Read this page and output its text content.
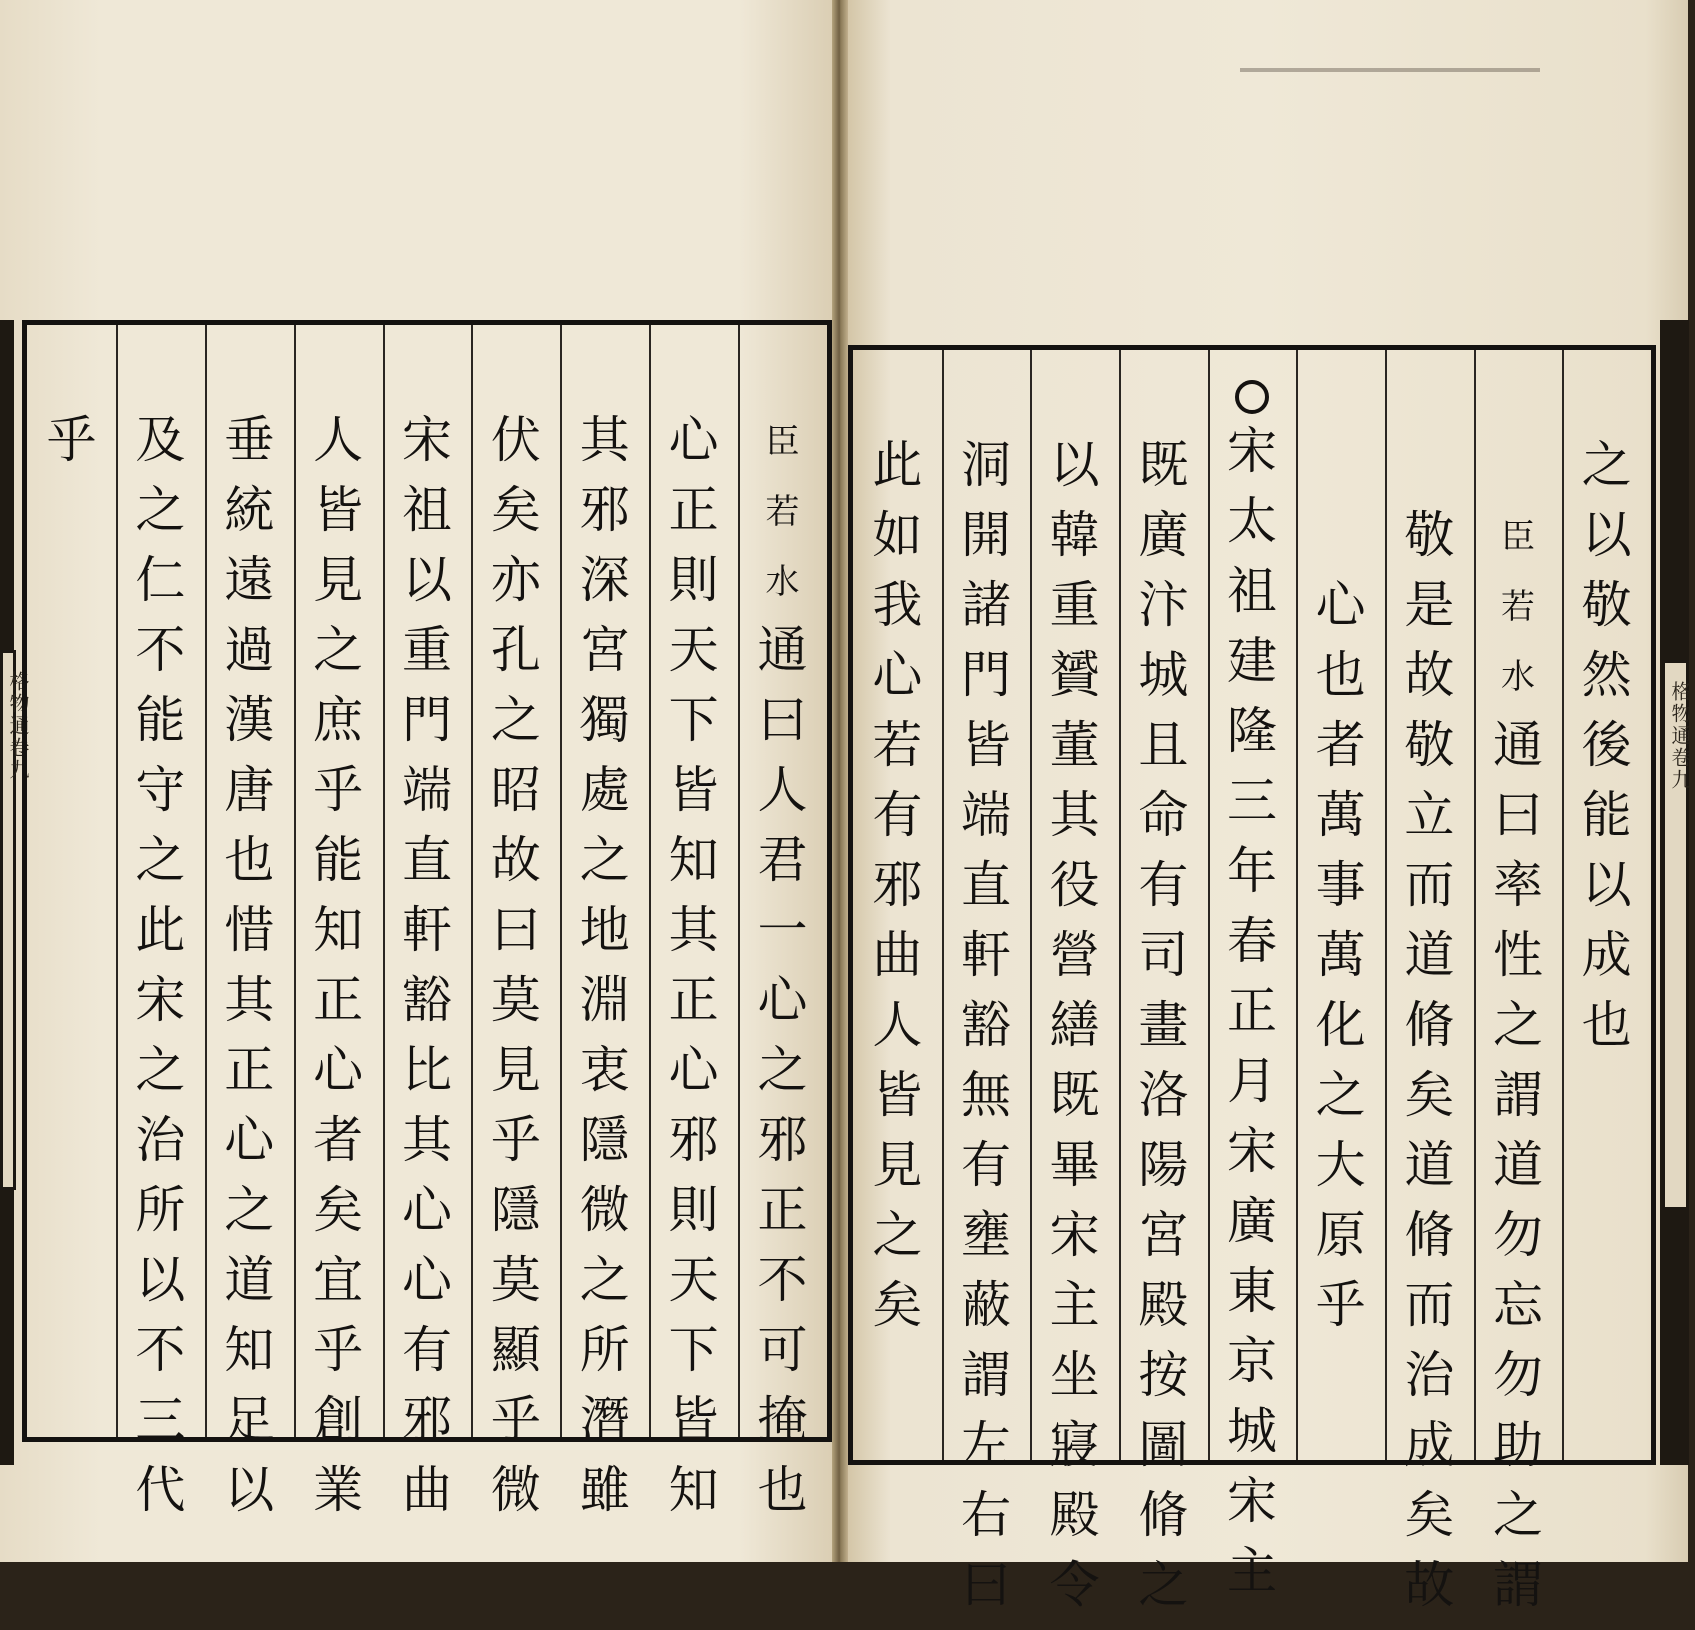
格物通卷九	格物通卷九
臣
若
水
通
曰
人
君
一
心
之
邪
正
不
可
掩
也
心
正
則
天
下
皆
知
其
正
心
邪
則
天
下
皆
知
其
邪
深
宮
獨
處
之
地
淵
衷
隱
微
之
所
潛
雖
伏
矣
亦
孔
之
昭
故
曰
莫
見
乎
隱
莫
顯
乎
微
宋
祖
以
重
門
端
直
軒
豁
比
其
心
心
有
邪
曲
人
皆
見
之
庶
乎
能
知
正
心
者
矣
宜
乎
創
業
垂
統
遠
過
漢
唐
也
惜
其
正
心
之
道
知
足
以
及
之
仁
不
能
守
之
此
宋
之
治
所
以
不
三
代
乎	之
以
敬
然
後
能
以
成
也
臣
若
水
通
曰
率
性
之
謂
道
勿
忘
勿
助
之
謂
敬
是
故
敬
立
而
道
脩
矣
道
脩
而
治
成
矣
故
心
也
者
萬
事
萬
化
之
大
原
乎
宋
太
祖
建
隆
三
年
春
正
月
宋
廣
東
京
城
宋
主
既
廣
汴
城
且
命
有
司
畫
洛
陽
宮
殿
按
圖
脩
之
以
韓
重
贇
董
其
役
營
繕
既
畢
宋
主
坐
寢
殿
令
洞
開
諸
門
皆
端
直
軒
豁
無
有
壅
蔽
謂
左
右
曰
此
如
我
心
若
有
邪
曲
人
皆
見
之
矣
